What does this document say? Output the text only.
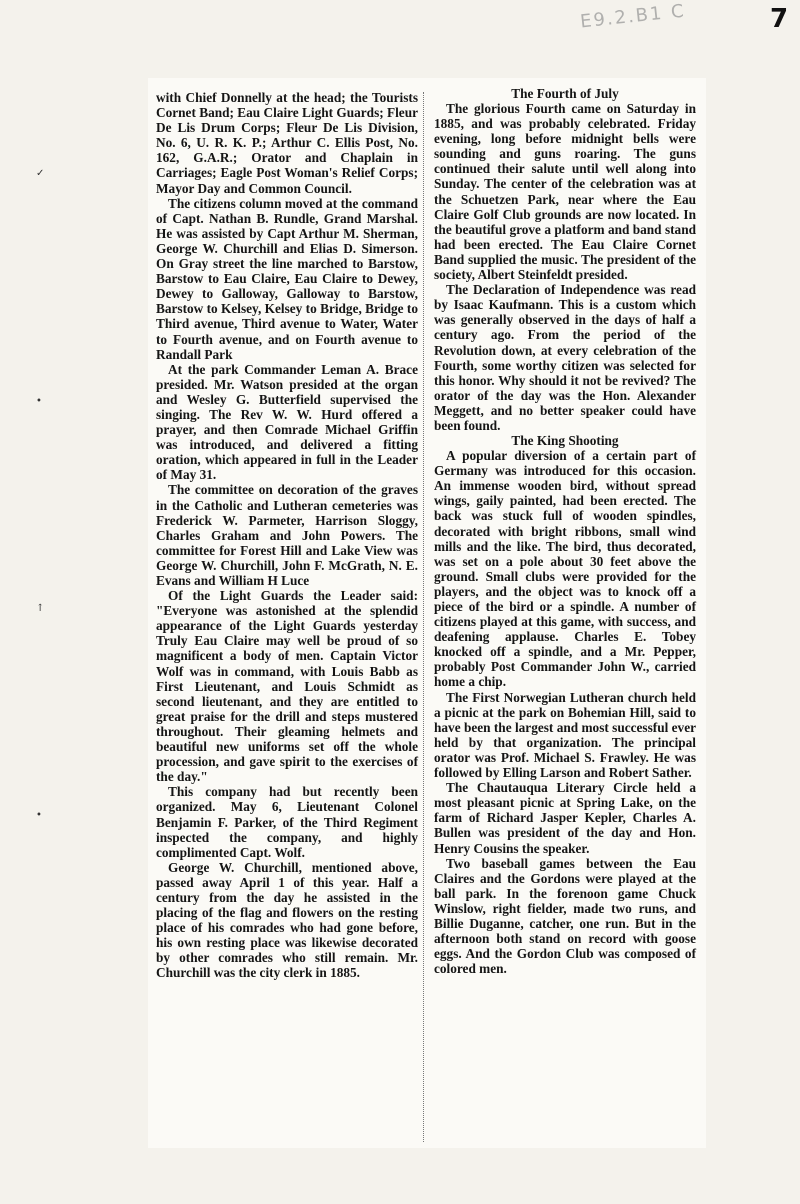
E9.2.B1 C	7
✓
•
↑
•

with Chief Donnelly at the head; the Tourists Cornet Band; Eau Claire Light Guards; Fleur De Lis Drum Corps; Fleur De Lis Division, No. 6, U. R. K. P.; Arthur C. Ellis Post, No. 162, G.A.R.; Orator and Chaplain in Carriages; Eagle Post Woman's Relief Corps; Mayor Day and Common Council.

The citizens column moved at the command of Capt. Nathan B. Rundle, Grand Marshal. He was assisted by Capt Arthur M. Sherman, George W. Churchill and Elias D. Simerson. On Gray street the line marched to Barstow, Barstow to Eau Claire, Eau Claire to Dewey, Dewey to Galloway, Galloway to Barstow, Barstow to Kelsey, Kelsey to Bridge, Bridge to Third avenue, Third avenue to Water, Water to Fourth avenue, and on Fourth avenue to Randall Park

At the park Commander Leman A. Brace presided. Mr. Watson presided at the organ and Wesley G. Butterfield supervised the singing. The Rev W. W. Hurd offered a prayer, and then Comrade Michael Griffin was introduced, and delivered a fitting oration, which appeared in full in the Leader of May 31.

The committee on decoration of the graves in the Catholic and Lutheran cemeteries was Frederick W. Parmeter, Harrison Sloggy, Charles Graham and John Powers. The committee for Forest Hill and Lake View was George W. Churchill, John F. McGrath, N. E. Evans and William H Luce

Of the Light Guards the Leader said: "Everyone was astonished at the splendid appearance of the Light Guards yesterday Truly Eau Claire may well be proud of so magnificent a body of men. Captain Victor Wolf was in command, with Louis Babb as First Lieutenant, and Louis Schmidt as second lieutenant, and they are entitled to great praise for the drill and steps mustered throughout. Their gleaming helmets and beautiful new uniforms set off the whole procession, and gave spirit to the exercises of the day."

This company had but recently been organized. May 6, Lieutenant Colonel Benjamin F. Parker, of the Third Regiment inspected the company, and highly complimented Capt. Wolf.

George W. Churchill, mentioned above, passed away April 1 of this year. Half a century from the day he assisted in the placing of the flag and flowers on the resting place of his comrades who had gone before, his own resting place was likewise decorated by other comrades who still remain. Mr. Churchill was the city clerk in 1885.

The Fourth of July

The glorious Fourth came on Saturday in 1885, and was probably celebrated. Friday evening, long before midnight bells were sounding and guns roaring. The guns continued their salute until well along into Sunday. The center of the celebration was at the Schuetzen Park, near where the Eau Claire Golf Club grounds are now located. In the beautiful grove a platform and band stand had been erected. The Eau Claire Cornet Band supplied the music. The president of the society, Albert Steinfeldt presided.

The Declaration of Independence was read by Isaac Kaufmann. This is a custom which was generally observed in the days of half a century ago. From the period of the Revolution down, at every celebration of the Fourth, some worthy citizen was selected for this honor. Why should it not be revived? The orator of the day was the Hon. Alexander Meggett, and no better speaker could have been found.

The King Shooting

A popular diversion of a certain part of Germany was introduced for this occasion. An immense wooden bird, without spread wings, gaily painted, had been erected. The back was stuck full of wooden spindles, decorated with bright ribbons, small wind mills and the like. The bird, thus decorated, was set on a pole about 30 feet above the ground. Small clubs were provided for the players, and the object was to knock off a piece of the bird or a spindle. A number of citizens played at this game, with success, and deafening applause. Charles E. Tobey knocked off a spindle, and a Mr. Pepper, probably Post Commander John W., carried home a chip.

The First Norwegian Lutheran church held a picnic at the park on Bohemian Hill, said to have been the largest and most successful ever held by that organization. The principal orator was Prof. Michael S. Frawley. He was followed by Elling Larson and Robert Sather.

The Chautauqua Literary Circle held a most pleasant picnic at Spring Lake, on the farm of Richard Jasper Kepler, Charles A. Bullen was president of the day and Hon. Henry Cousins the speaker.

Two baseball games between the Eau Claires and the Gordons were played at the ball park. In the forenoon game Chuck Winslow, right fielder, made two runs, and Billie Duganne, catcher, one run. But in the afternoon both stand on record with goose eggs. And the Gordon Club was composed of colored men.
